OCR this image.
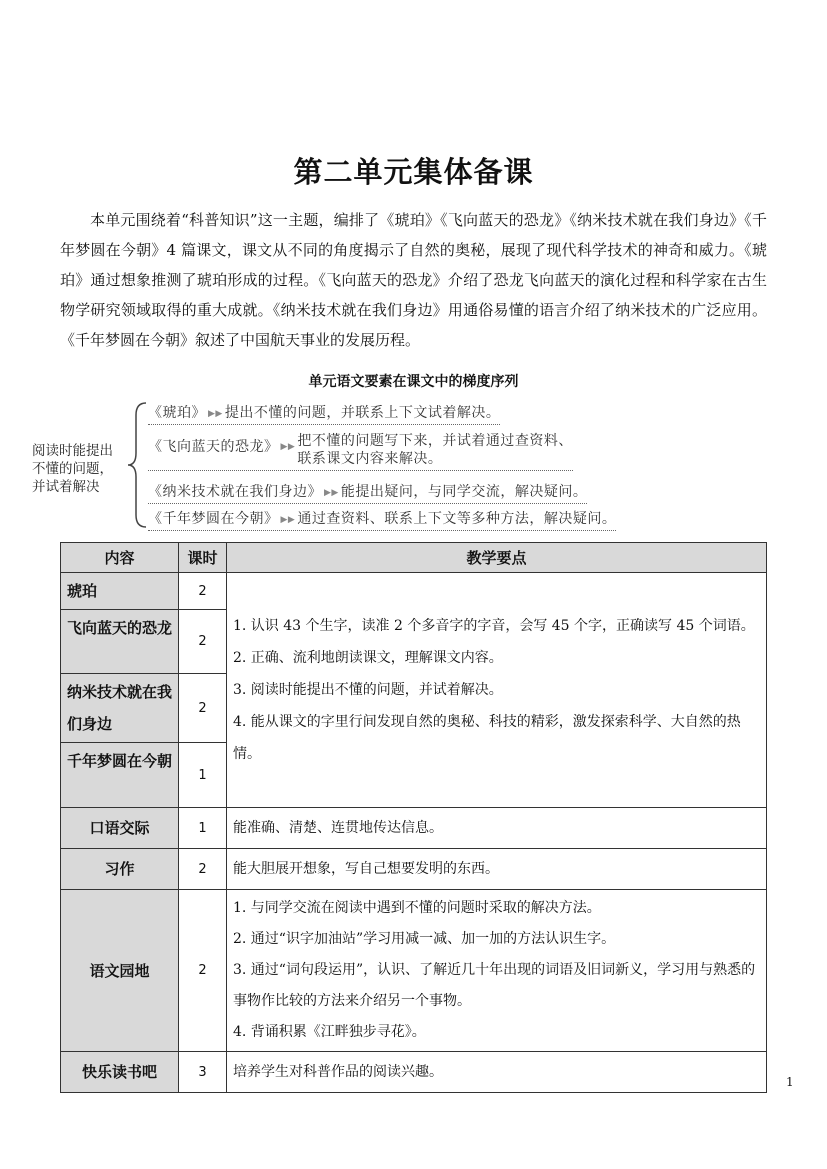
第二单元集体备课

本单元围绕着“科普知识”这一主题，编排了《琥珀》《飞向蓝天的恐龙》《纳米技术就在我们身边》《千年梦圆在今朝》4 篇课文，课文从不同的角度揭示了自然的奥秘，展现了现代科学技术的神奇和威力。《琥珀》通过想象推测了琥珀形成的过程。《飞向蓝天的恐龙》介绍了恐龙飞向蓝天的演化过程和科学家在古生物学研究领域取得的重大成就。《纳米技术就在我们身边》用通俗易懂的语言介绍了纳米技术的广泛应用。《千年梦圆在今朝》叙述了中国航天事业的发展历程。

单元语文要素在课文中的梯度序列
阅读时能提出
不懂的问题，
并试着解决
《琥珀》 ▶▶ 提出不懂的问题，并联系上下文试着解决。
《飞向蓝天的恐龙》 ▶▶ 把不懂的问题写下来，并试着通过查资料、
联系课文内容来解决。
《纳米技术就在我们身边》 ▶▶ 能提出疑问，与同学交流，解决疑问。
《千年梦圆在今朝》 ▶▶ 通过查资料、联系上下文等多种方法，解决疑问。
内容	课时	教学要点
琥珀	2	1. 认识 43 个生字，读准 2 个多音字的字音，会写 45 个字，正确读写 45 个词语。
2. 正确、流利地朗读课文，理解课文内容。
3. 阅读时能提出不懂的问题，并试着解决。
4. 能从课文的字里行间发现自然的奥秘、科技的精彩，激发探索科学、大自然的热情。

飞向蓝天的恐龙	2	
纳米技术就在我们身边	2	
千年梦圆在今朝	1	
口语交际	1	能准确、清楚、连贯地传达信息。
习作	2	能大胆展开想象，写自己想要发明的东西。
语文园地	2	1. 与同学交流在阅读中遇到不懂的问题时采取的解决方法。
2. 通过“识字加油站”学习用减一减、加一加的方法认识生字。
3. 通过“词句段运用”，认识、了解近几十年出现的词语及旧词新义，学习用与熟悉的事物作比较的方法来介绍另一个事物。
4. 背诵积累《江畔独步寻花》。

快乐读书吧	3	培养学生对科普作品的阅读兴趣。
1
